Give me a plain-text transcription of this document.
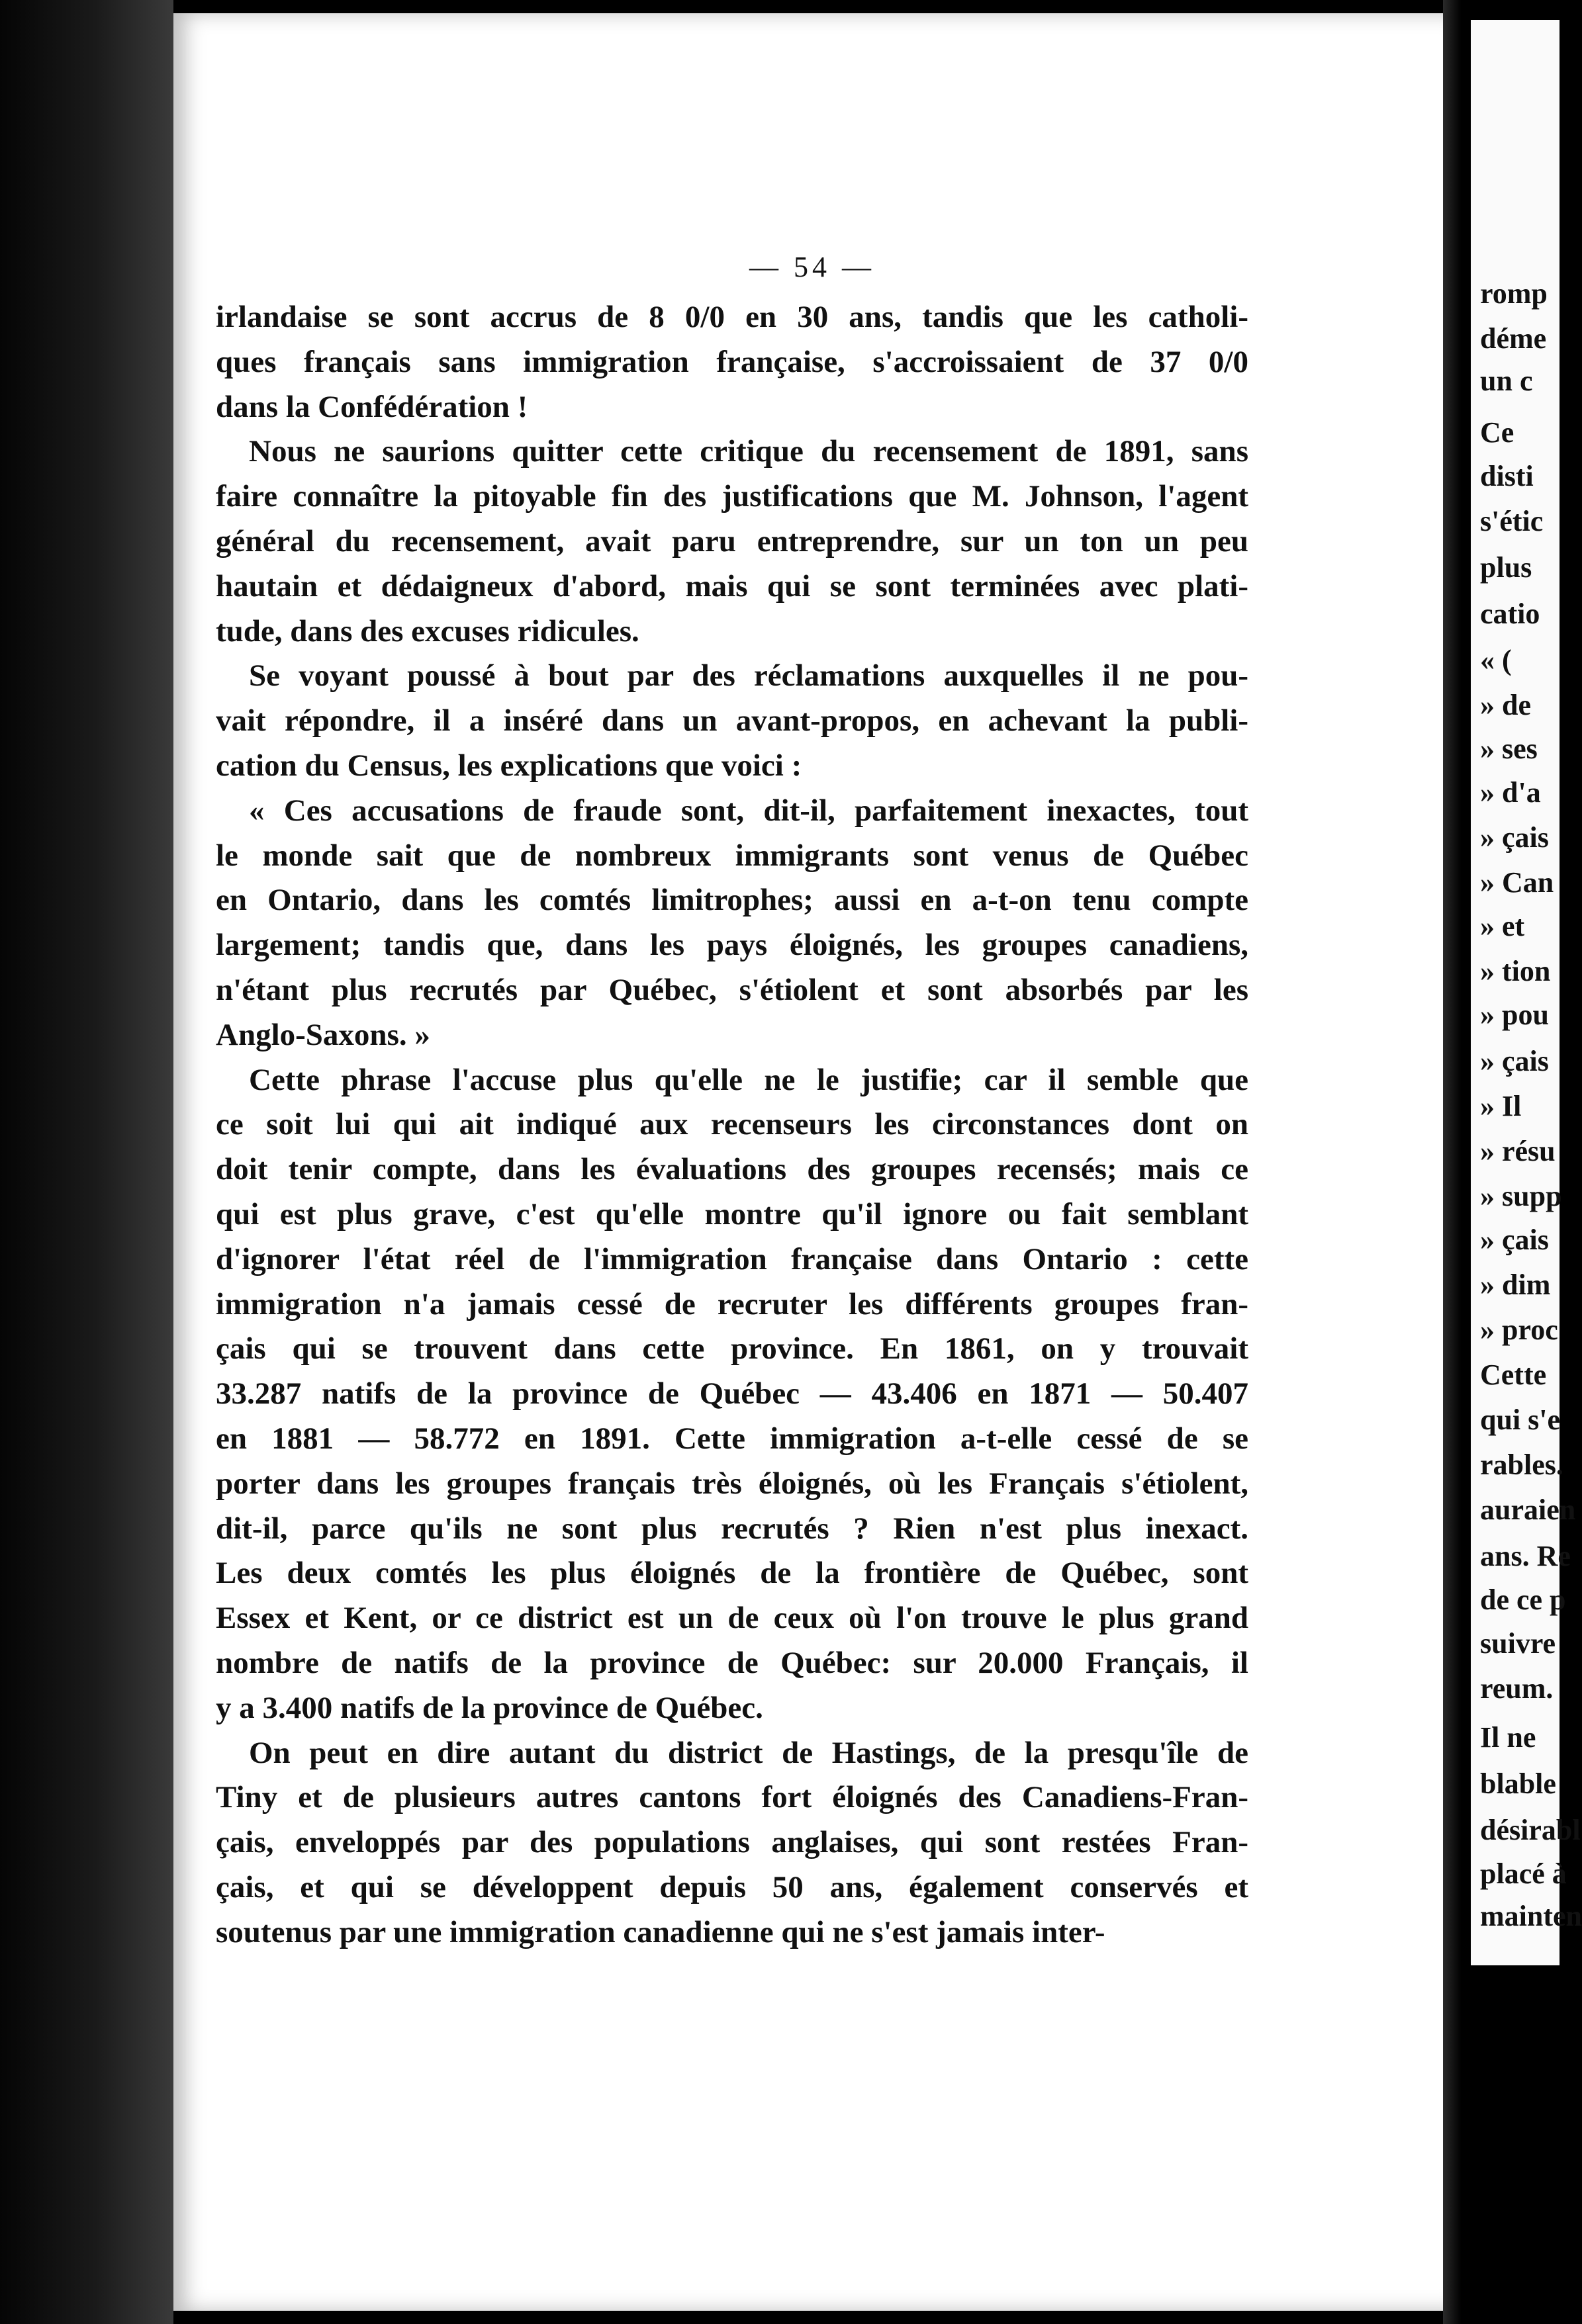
— 54 —
irlandaise se sont accrus de 8 0/0 en 30 ans, tandis que les catholi-
ques français sans immigration française, s'accroissaient de 37 0/0
dans la Confédération !
Nous ne saurions quitter cette critique du recensement de 1891, sans
faire connaître la pitoyable fin des justifications que M. Johnson, l'agent
général du recensement, avait paru entreprendre, sur un ton un peu
hautain et dédaigneux d'abord, mais qui se sont terminées avec plati-
tude, dans des excuses ridicules.
Se voyant poussé à bout par des réclamations auxquelles il ne pou-
vait répondre, il a inséré dans un avant-propos, en achevant la publi-
cation du Census, les explications que voici :
« Ces accusations de fraude sont, dit-il, parfaitement inexactes, tout
le monde sait que de nombreux immigrants sont venus de Québec
en Ontario, dans les comtés limitrophes; aussi en a-t-on tenu compte
largement; tandis que, dans les pays éloignés, les groupes canadiens,
n'étant plus recrutés par Québec, s'étiolent et sont absorbés par les
Anglo-Saxons. »
Cette phrase l'accuse plus qu'elle ne le justifie; car il semble que
ce soit lui qui ait indiqué aux recenseurs les circonstances dont on
doit tenir compte, dans les évaluations des groupes recensés; mais ce
qui est plus grave, c'est qu'elle montre qu'il ignore ou fait semblant
d'ignorer l'état réel de l'immigration française dans Ontario : cette
immigration n'a jamais cessé de recruter les différents groupes fran-
çais qui se trouvent dans cette province. En 1861, on y trouvait
33.287 natifs de la province de Québec — 43.406 en 1871 — 50.407
en 1881 — 58.772 en 1891. Cette immigration a-t-elle cessé de se
porter dans les groupes français très éloignés, où les Français s'étiolent,
dit-il, parce qu'ils ne sont plus recrutés ? Rien n'est plus inexact.
Les deux comtés les plus éloignés de la frontière de Québec, sont
Essex et Kent, or ce district est un de ceux où l'on trouve le plus grand
nombre de natifs de la province de Québec: sur 20.000 Français, il
y a 3.400 natifs de la province de Québec.
On peut en dire autant du district de Hastings, de la presqu'île de
Tiny et de plusieurs autres cantons fort éloignés des Canadiens-Fran-
çais, enveloppés par des populations anglaises, qui sont restées Fran-
çais, et qui se développent depuis 50 ans, également conservés et
soutenus par une immigration canadienne qui ne s'est jamais inter-
romp
déme
un c
Ce
disti
s'étic
plus
catio
« (
» de
» ses
» d'a
» çais
» Can
» et
» tion
» pou
» çais
» Il
» résu
» supp
» çais
» dim
» proc
Cette
qui s'e
rables.
auraien
ans. Re
de ce p
suivre
reum.
Il ne
blable
désirabl
placé à
mainten
